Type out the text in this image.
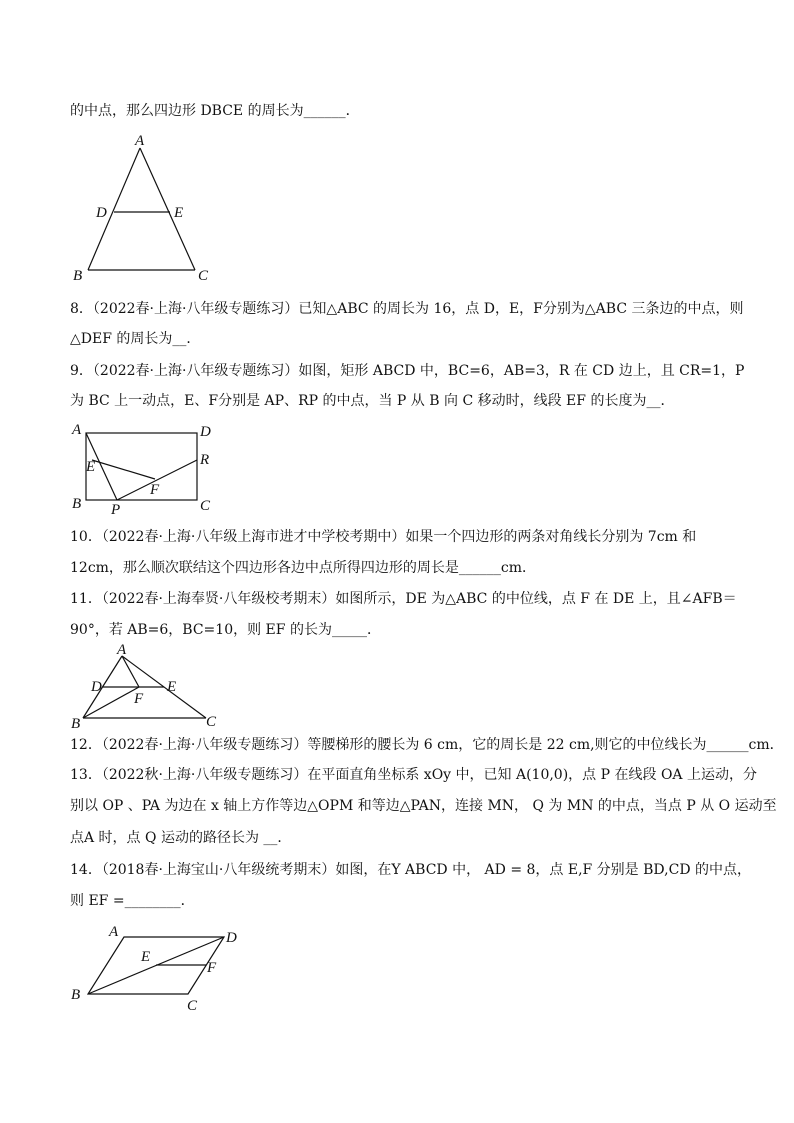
的中点，那么四边形 DBCE 的周长为______．
A
D	E
B	C
8．（2022春·上海·八年级专题练习）已知△ABC 的周长为 16，点 D，E，F分别为△ABC 三条边的中点，则
△DEF 的周长为__．
9．（2022春·上海·八年级专题练习）如图，矩形 ABCD 中，BC=6，AB=3，R 在 CD 边上，且 CR=1，P
为 BC 上一动点，E、F分别是 AP、RP 的中点，当 P 从 B 向 C 移动时，线段 EF 的长度为__．
A	D
E	R
F
B P	C
10．（2022春·上海·八年级上海市进才中学校考期中）如果一个四边形的两条对角线长分别为 7cm 和
12cm，那么顺次联结这个四边形各边中点所得四边形的周长是______cm．
11．（2022春·上海奉贤·八年级校考期末）如图所示，DE 为△ABC 的中位线，点 F 在 DE 上，且∠AFB＝
90°，若 AB=6，BC=10，则 EF 的长为_____．
A
D	E
F
B	C
12．（2022春·上海·八年级专题练习）等腰梯形的腰长为 6 cm，它的周长是 22 cm,则它的中位线长为______cm．
13．（2022秋·上海·八年级专题练习）在平面直角坐标系 xOy 中，已知 A(10,0)，点 P 在线段 OA 上运动，分
别以 OP 、PA 为边在 x 轴上方作等边△OPM 和等边△PAN，连接 MN， Q 为 MN 的中点，当点 P 从 O 运动至
点A 时，点 Q 运动的路径长为 __．
14．（2018春·上海宝山·八年级统考期末）如图，在Y ABCD 中， AD = 8，点 E,F 分别是 BD,CD 的中点，
则 EF =________．
A	D
E
F
B
C
